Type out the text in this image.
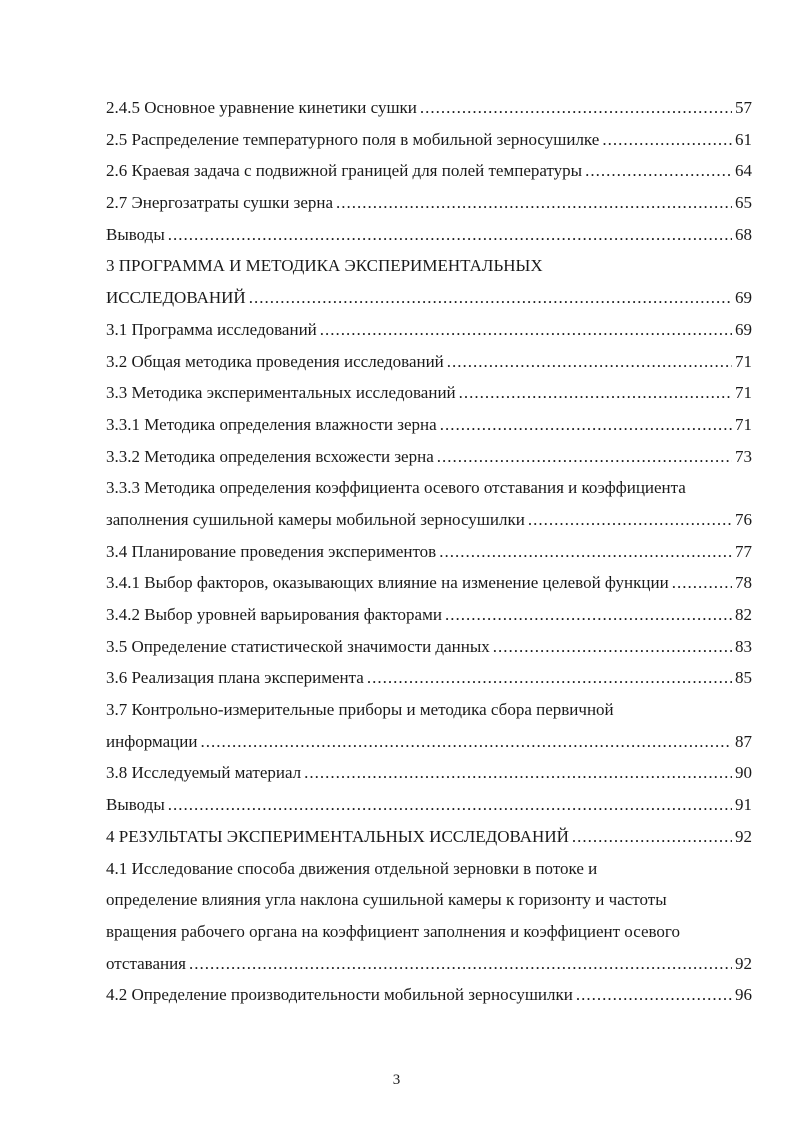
2.4.5 Основное уравнение кинетики сушки .....	57
2.5 Распределение температурного поля в мобильной зерносушилке .....	61
2.6 Краевая задача с подвижной границей для полей температуры .....	64
2.7 Энергозатраты сушки зерна .....	65
Выводы .....	68
3 ПРОГРАММА И МЕТОДИКА ЭКСПЕРИМЕНТАЛЬНЫХ
ИССЛЕДОВАНИЙ .....	69
3.1 Программа исследований .....	69
3.2 Общая методика проведения исследований .....	71
3.3 Методика экспериментальных исследований .....	71
3.3.1 Методика определения влажности зерна .....	71
3.3.2 Методика определения всхожести зерна .....	73
3.3.3 Методика определения коэффициента осевого отставания и коэффициента
заполнения сушильной камеры мобильной зерносушилки .....	76
3.4 Планирование проведения экспериментов .....	77
3.4.1 Выбор факторов, оказывающих влияние на изменение целевой функции .....	78
3.4.2 Выбор уровней варьирования факторами .....	82
3.5 Определение статистической значимости данных .....	83
3.6 Реализация плана эксперимента .....	85
3.7 Контрольно-измерительные приборы и методика сбора первичной
информации .....	87
3.8 Исследуемый материал .....	90
Выводы .....	91
4 РЕЗУЛЬТАТЫ ЭКСПЕРИМЕНТАЛЬНЫХ ИССЛЕДОВАНИЙ .....	92
4.1 Исследование способа движения отдельной зерновки в потоке и
определение влияния угла наклона сушильной камеры к горизонту и частоты
вращения рабочего органа на коэффициент заполнения и коэффициент осевого
отставания .....	92
4.2 Определение производительности мобильной зерносушилки .....	96
3
